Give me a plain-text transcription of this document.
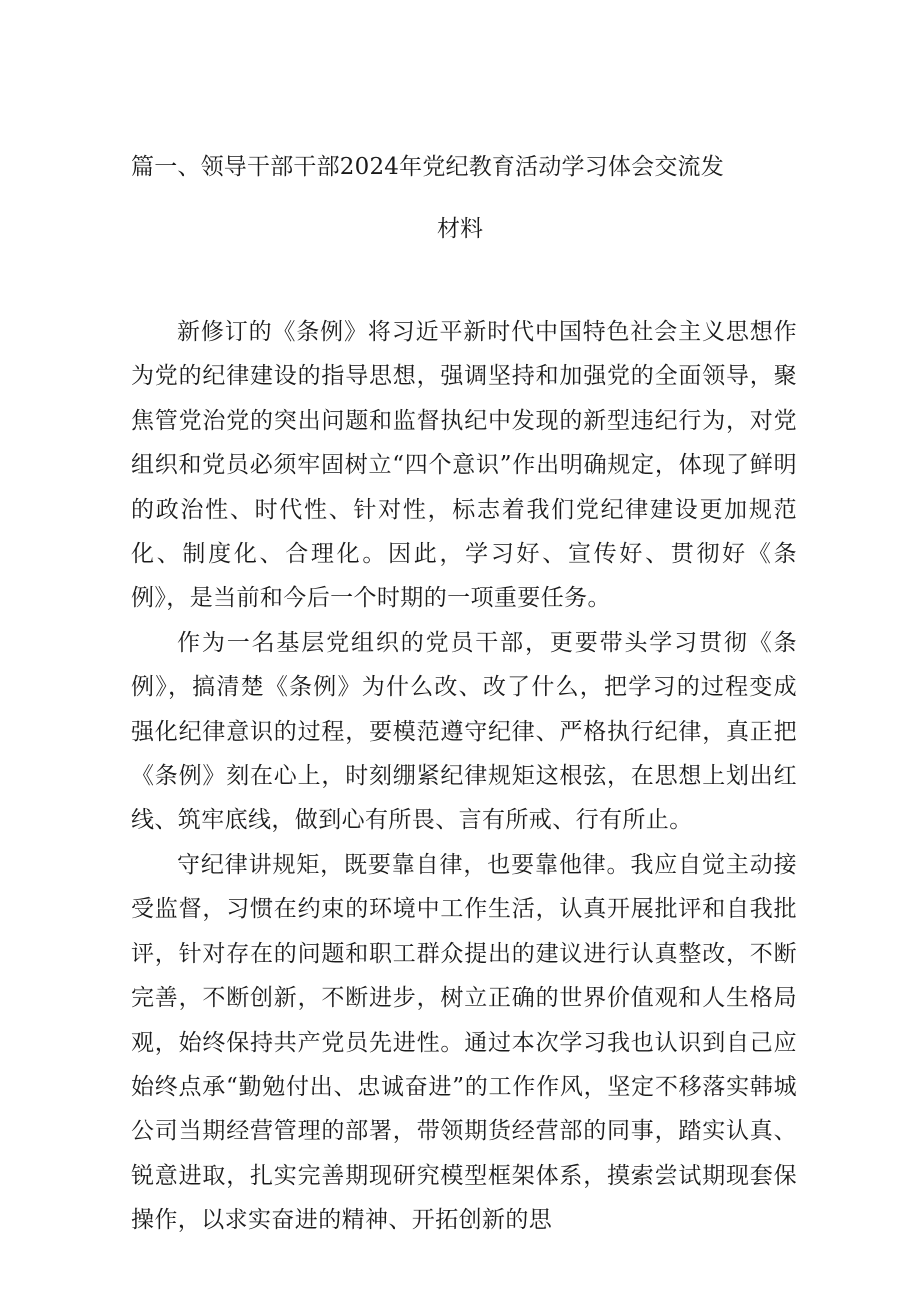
篇一、领导干部干部2024年党纪教育活动学习体会交流发
材料

新修订的《条例》将习近平新时代中国特色社会主义思想作为党的纪律建设的指导思想，强调坚持和加强党的全面领导，聚焦管党治党的突出问题和监督执纪中发现的新型违纪行为，对党组织和党员必须牢固树立“四个意识”作出明确规定，体现了鲜明的政治性、时代性、针对性，标志着我们党纪律建设更加规范化、制度化、合理化。因此，学习好、宣传好、贯彻好《条例》，是当前和今后一个时期的一项重要任务。

作为一名基层党组织的党员干部，更要带头学习贯彻《条例》，搞清楚《条例》为什么改、改了什么，把学习的过程变成强化纪律意识的过程，要模范遵守纪律、严格执行纪律，真正把《条例》刻在心上，时刻绷紧纪律规矩这根弦，在思想上划出红线、筑牢底线，做到心有所畏、言有所戒、行有所止。

守纪律讲规矩，既要靠自律，也要靠他律。我应自觉主动接受监督，习惯在约束的环境中工作生活，认真开展批评和自我批评，针对存在的问题和职工群众提出的建议进行认真整改，不断完善，不断创新，不断进步，树立正确的世界价值观和人生格局观，始终保持共产党员先进性。通过本次学习我也认识到自己应始终点承“勤勉付出、忠诚奋进”的工作作风，坚定不移落实韩城公司当期经营管理的部署，带领期货经营部的同事，踏实认真、锐意进取，扎实完善期现研究模型框架体系，摸索尝试期现套保操作，以求实奋进的精神、开拓创新的思
